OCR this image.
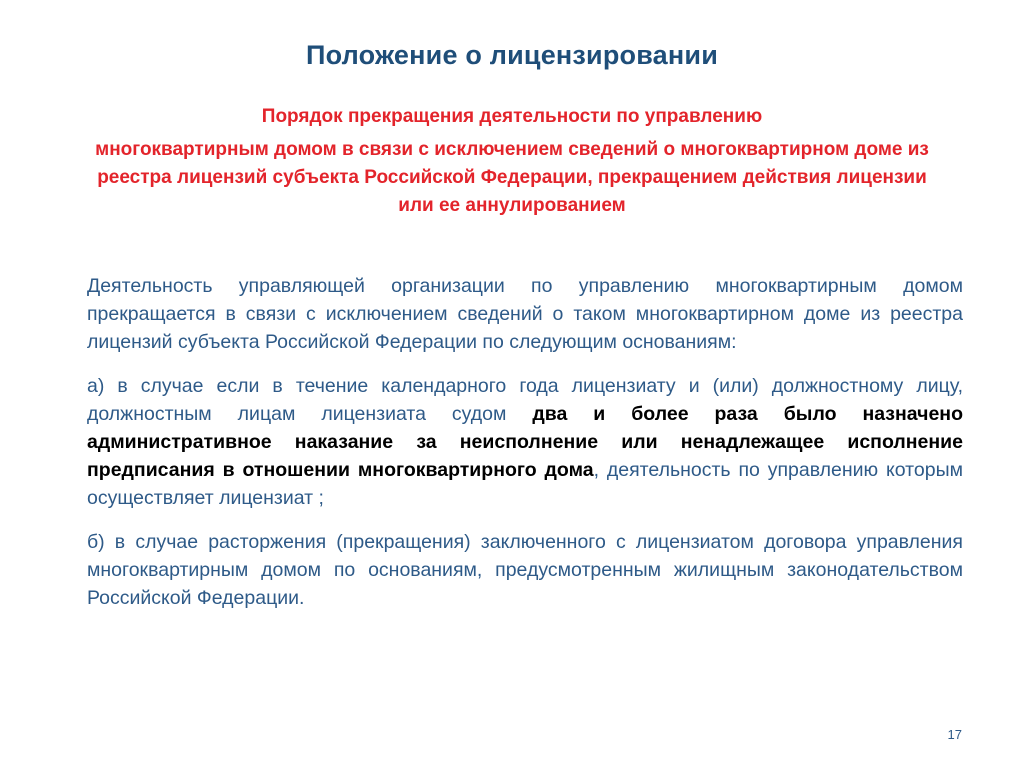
Положение о лицензировании
Порядок прекращения деятельности по управлению
многоквартирным домом в связи с исключением сведений о многоквартирном доме из реестра лицензий субъекта Российской Федерации, прекращением действия лицензии или ее аннулированием

Деятельность управляющей организации по управлению многоквартирным домом прекращается в связи с исключением сведений о таком многоквартирном доме из реестра лицензий субъекта Российской Федерации по следующим основаниям:

а) в случае если в течение календарного года лицензиату и (или) должностному лицу, должностным лицам лицензиата судом два и более раза было назначено административное наказание за неисполнение или ненадлежащее исполнение предписания в отношении многоквартирного дома, деятельность по управлению которым осуществляет лицензиат ;

б) в случае расторжения (прекращения) заключенного с лицензиатом договора управления многоквартирным домом по основаниям, предусмотренным жилищным законодательством Российской Федерации.

17
